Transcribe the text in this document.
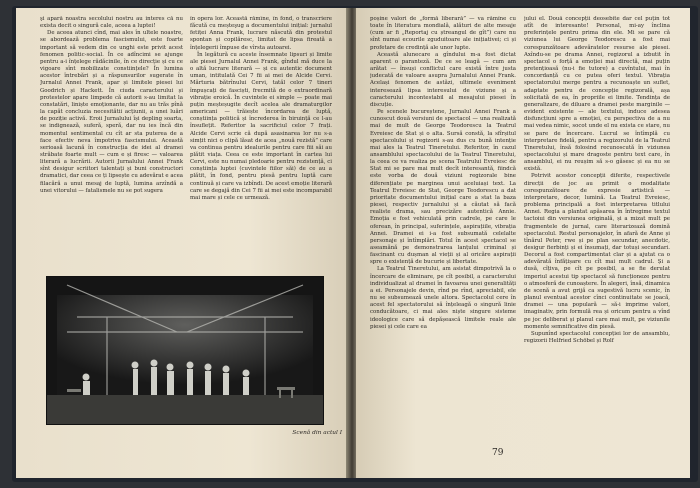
şi apară noastra secolului nostru au interes că nu exista decit o singură cale, aceea a luptei!

De aceea atunci cînd, mai ales în ultele noastre, se abordează problema fascismului, este foarte important să vedem din ce unghi este privit acest fenomen politic-social. În ce adîncimi se ajunge pentru a-i înțelege rădăcinile, în ce direcție și cu ce vigoare sînt mobilizate constiințele? În lumina acestor întrebări și a răspunsurilor sugerate în Jurnalul Annei Frank, apar și limitele piesei lui Goodrich și Hackett. În ciuda caracterului și protestelor apare limpede că autorii s-au limitat la constatări, liniște emoționante, dar nu au trăs pînă la capăt concluzia necesitătii acțiunii, a unei luări de poziție activă. Eroii Jurnalului își depling soarta, se indignează, suferă, speră, dar nu ies încă din momentul sentimental cu cît ar sta puterea de a face efectiv neva împotriva fascismului. Această serioasă lacună în construcția de idei al dramei străbate foarte mult — cum e și firesc — valoarea literară a lucrării. Autorii Jurnalului Annei Frank sînt desigur scriitori talentați și buni constructori dramatici, dar ceea ce ți lipsește cu adevărat e acea filacără a unui mesaj de luptă, lumina arzîndă a unei vitorului — fatalismele nu se pot sugera

în opera lor. Această rămîne, în fond, o transcriere făcută cu meșteşug a documentului inițial: jurnalul fetiței Anna Frank, lucrare născută din protestul spontan și copilăresc, limitat de lipsa fireată a înțelegerii împuse de vîrsta autoarei.

În legătură cu aceste însemnate lipsuri și limite ale piesei Jurnalul Annei Frank, gîndul mă duce la o altă lucrare literară — și cu autentic document uman, intitulată Cei 7 fii ai mei de Alcide Cervi. Mărturia bătrînului Cervi, tatăl celor 7 tineri împușcați de fasciști, frecmită de o extraordinară vibrație eroică. În cuvintele ei simple — poate mai puțin meșteșugite decît acelea ale dramaturgilor americani — trăiește încordarea de luptă, conștiința politică și încrederea în biruință ce l-au însuflețit. Referitor la sacrificiul celor 7 frați. Alcide Cervi scrie că după asasinarea lor nu s-a simțit nici o clipă lăsat de acea „nouă rezistă” care va continua pentru idealurile pentru care fiii săi au plătit viața. Ceea ce este important în cartea lui Cervi, este nu numai pledoarie pentru rezistență, ci conștiința luptei (cuvintele fiilor săi) de ce au a plătit, în fond, pentru piesă pentru luptă care continuă și care va izbîndi. De acest emoție literară care se degajă din Cei 7 fii ai mei este incomparabil mai mare și cele ce urmează.

Scenă din actul I

poșine valori de „formă liberară” — va rămîne cu toate în literatura mondială, alături de alte mesaje (cum ar fi „Reportaj cu ștreangul de gît”) care nu sînt numai ecourile zguduitoare ale inițiativei; ci și profetare de credință ale unor lupte.

Această alunecare a gîndului m-a fost dictat aparent o paranteză. De ce se leagă — cum am arătat — însuși conflictul care există între justa judecată de valoare asupra Jurnalului Annei Frank. Același fenomen de astăzi, ultimele eveniment interesează lipsa interesului de viziune și a caracterului incontestabil al mesajului piesei în discuție.

Pe scenele bucureștene, Jurnalul Annei Frank a cunoscut două versiuni de spectacol — una realizată mai de mult de George Teodorescu la Teatrul Evreiesc de Stat și o alta. Sursă constă, la sfîrșitul spectacolului și regizorii s-au dus cu bună intenție mai ales la Teatrul Tineretului. Referitor, în cazul ansamblului spectacolului de la Teatrul Tineretului, la ceea ce va realiza pe scena Teatrului Evreiesc de Stat mi se pare mai mult decît interesantă, fiindcă este vorba de două viziuni regizorale bine diferențiate pe marginea unui aceluiași text. La Teatrul Evreiesc de Stat, George Teodorescu a dat prioritate documentului inițial care a stat la baza piesei, respectiv jurnalului și a căutat să facă realiste drama, sau precizăre autentică Annie. Emoția e fost vehiculată prin cadrele, pe care le oferean, în principal, suferințele, aspirațiile, vibrația Annei. Dramei ei i-a fost subsumată celelalte personaje și întîmplări. Totul în acest spectacol se aseamănă pe demonstrarea lanțului criminal și fascinant cu dușman al vieții și al oricăre aspirații spre o existență de bucurie și libertate.

La Teatrul Tineretului, am asistat dimpotrivă la o încercare de eliminare, pe cît posibil, a caracterului individualizat al dramei în favoarea unei generalități a ei. Personajele devin, rînd pe rînd, apreciabil, ele nu se subsumează unele altora. Spectacolul cere în acest fel spectatorului să înțeleagă o singură linie conducătoare, ci mai ales niște singure sisteme ideologice care să depășească limitele reale ale piesei și cele care ea

jului el. Două concepții deosebite dar cel puțin tot atît de interesante! Personal, mi-ay înclina preferințele pentru prima din ele. Mi se pare că viziunea lui George Teodorescu a fost mai corespunzătoare adevăratelor resurse ale piesei. Axîndu-se pe drama Annei, regizorul a izbutit în spectacol o forță a emoției mai directă, mai puțin pretențioasă (nu-i fie tutore) a cuvîntului, mai în concordanță cu ce putea oferi textul. Vibrația spectatorului merge pentru a recunoaște un suflet, adaptate pentru de concepție regizorală, așa solicitată de ea, în propriile ei limite. Tendința de generalizare, de diluare a dramei peste marginile — evident existente — ale textului, induce adesea disfuncțiuni spre a emoției, cu perspectiva de a nu mai vedea nimic, socot unde el nu exista ce stare, nu se pare de încercare. Lucrul se întîmplă cu interpretare fidelă, pentru a regizorului de la Teatrul Tineretului, însă folosind recunoscută în viziunea spectacolului și mare dragoste pentru text care, în ansamblul, ei nu reușim să s-o găsesc și ea nu se există.

Potrivit acestor concepții diferite, respectivele direcții de joc au primit o modalitate corespunzătoare de expresie artistică — interpretare, decor, lumină. La Teatrul Evreiesc, problema principală a fost interpretarea titlului Annei. Regia a plantat apăsarea în întregime textul tactoiui din versiunea originală, și a mizat mult pe fragmentele de jurnal, care literarizează domină spectacolul. Restul personajelor, în afară de Anne și tînărul Peter, rwe și pe plan secundar, anecdotic, desigur fierbinți și ei însumați, dar totuși secundari. Decorul a fost compartimentat clar și a ajutat ca o adevărată înfățișare cu cît mai mult cadrul. Și a dusă, cîțiva, pe cît pe posibil, a se fie derulat imperiul acestui tip spectacol să funcționeze pentru o atmosferă de cunoaștere. În alegeri, însă, dinamica de scenă a avut grijă ca sugestivă lucru scenic, în planul eventual acestor cînci continuitate se joacă, dramei — una populară — să-i imprime valori, imaginativ, prin formulă rea și oricum pentru a vînd pe joc deliberat și planul care mai mult, pe viziunile momente semnificative din piesă.

Supunînd spectacolul concepției lor de ansamblu, regizorii Helfried Schöbel și Rolf

79
